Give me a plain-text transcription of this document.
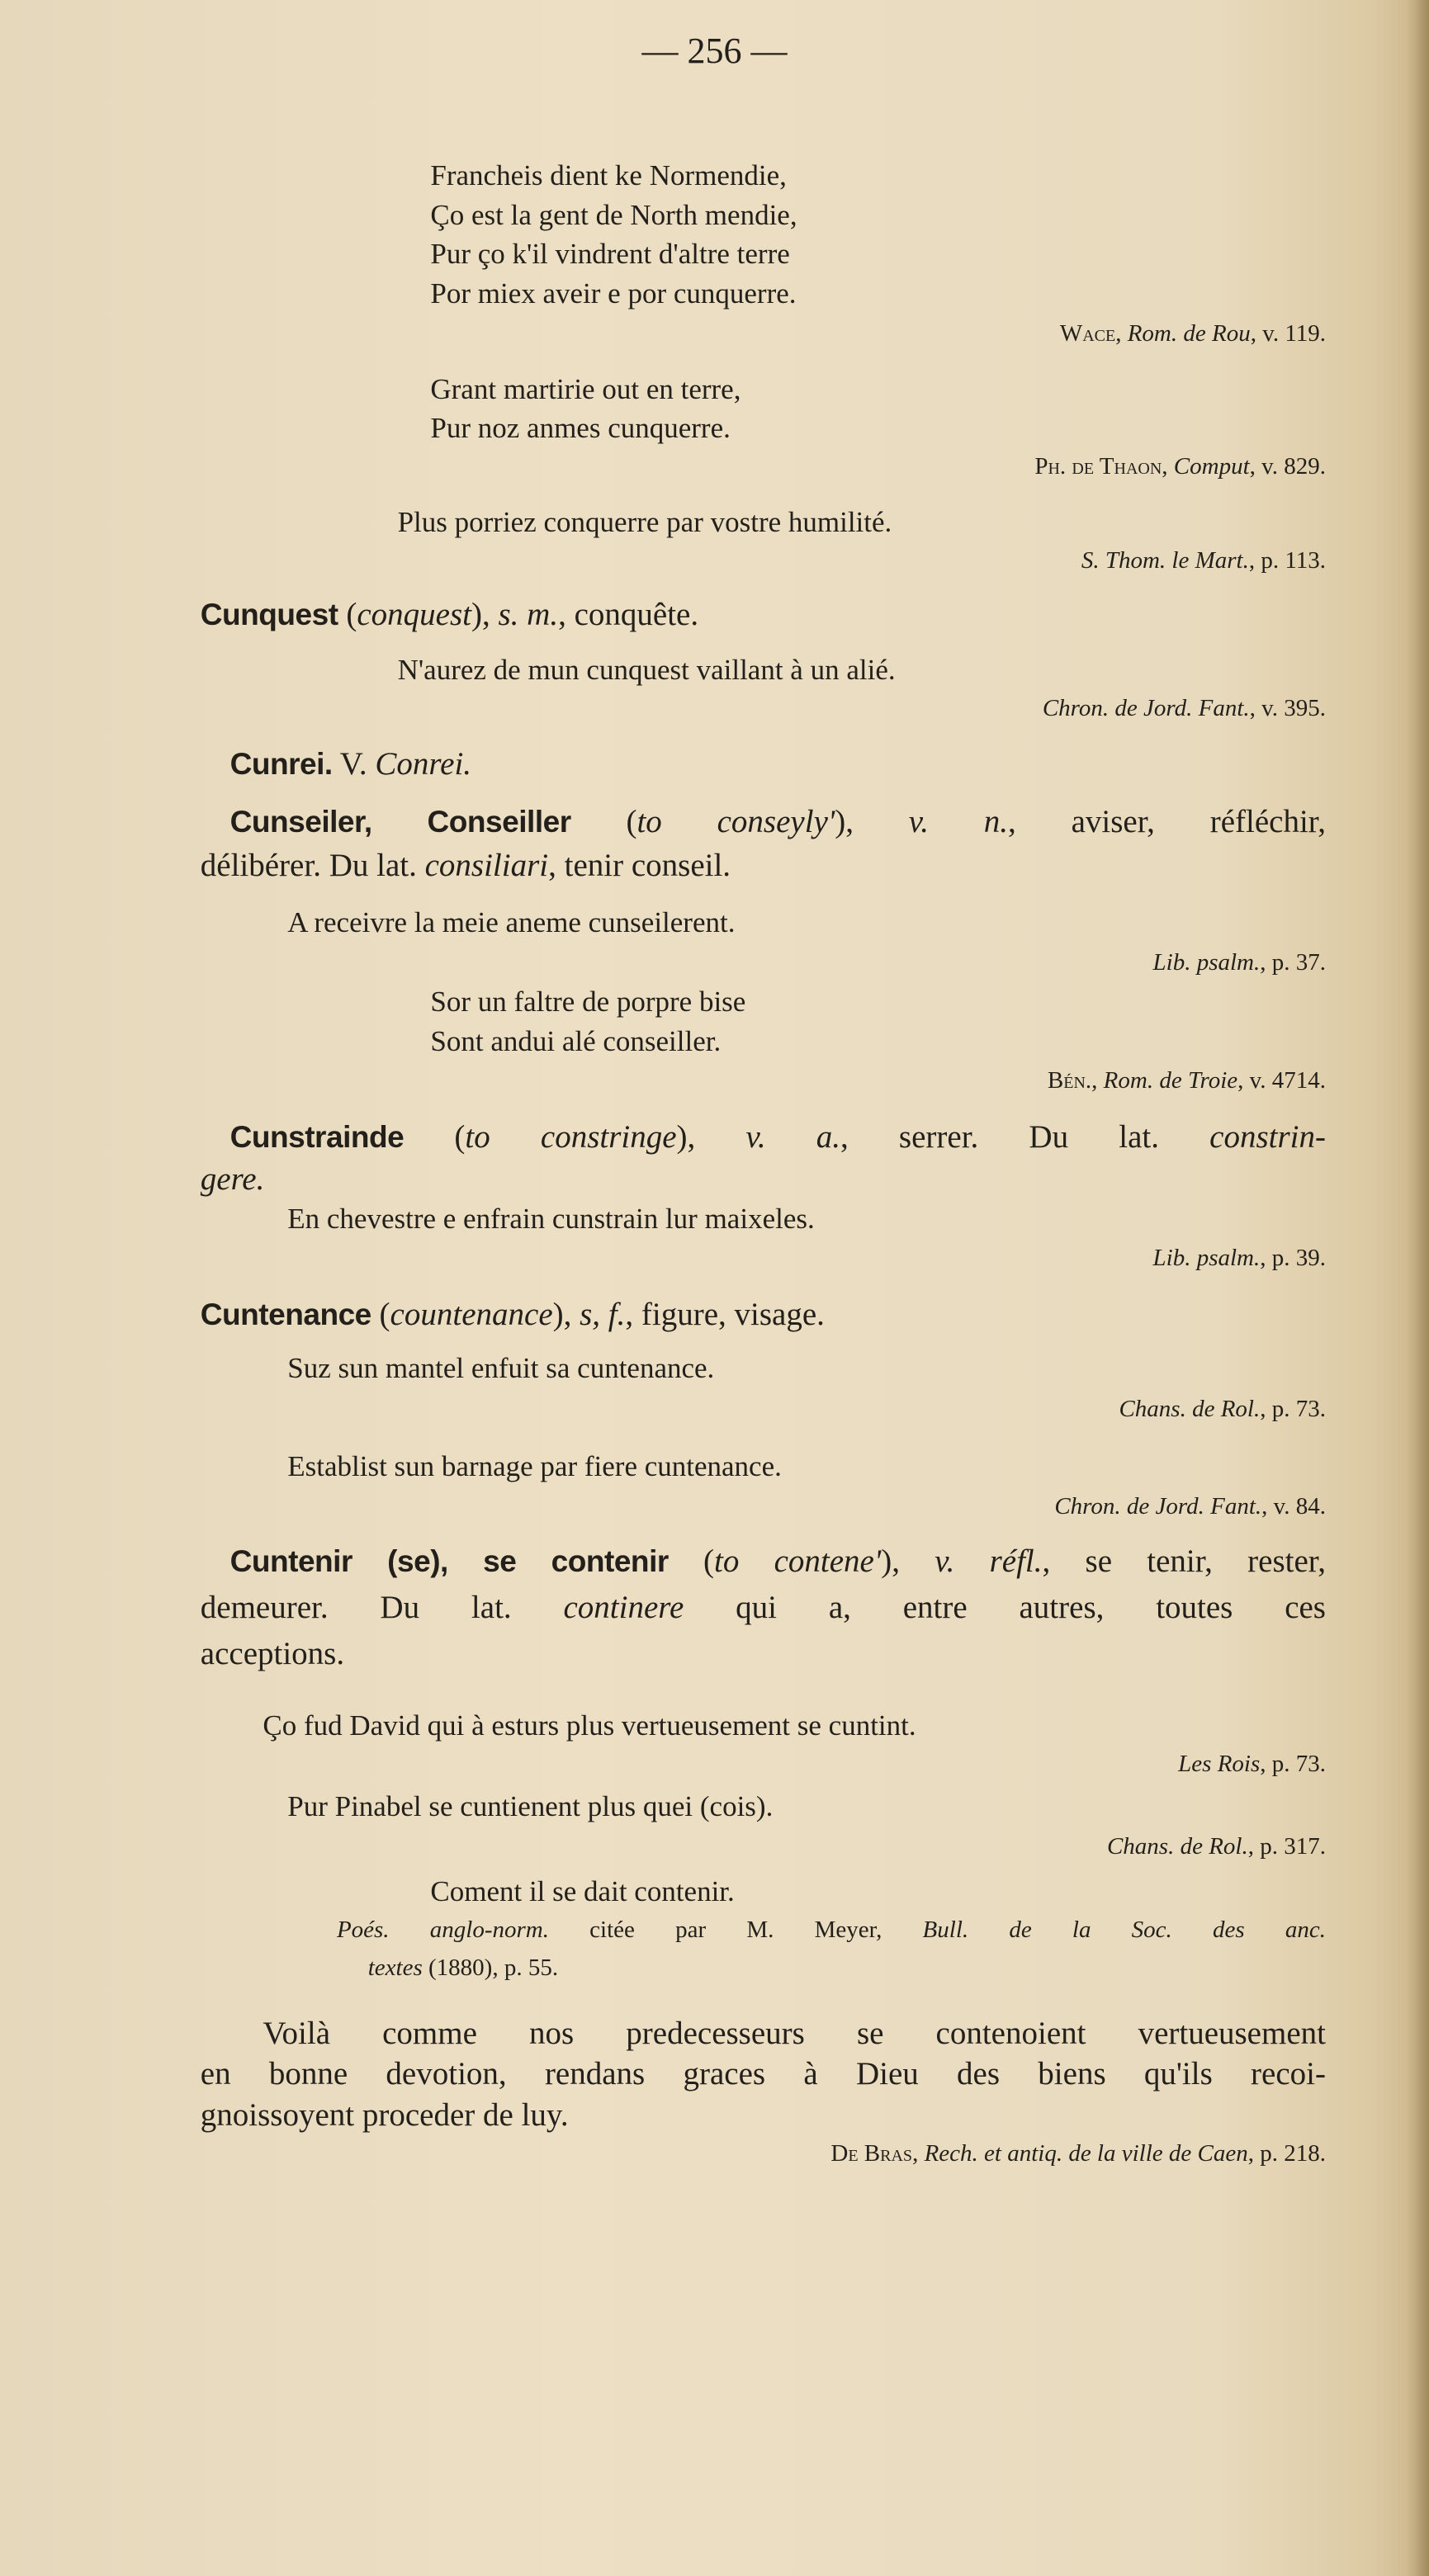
— 256 —
Francheis dient ke Normendie,
Ço est la gent de North mendie,
Pur ço k'il vindrent d'altre terre
Por miex aveir e por cunquerre.
Wace, Rom. de Rou, v. 119.
Grant martirie out en terre,
Pur noz anmes cunquerre.
Ph. de Thaon, Comput, v. 829.
Plus porriez conquerre par vostre humilité.
S. Thom. le Mart., p. 113.
Cunquest (conquest), s. m., conquête.
N'aurez de mun cunquest vaillant à un alié.
Chron. de Jord. Fant., v. 395.
Cunrei. V. Conrei.
Cunseiler, Conseiller (to conseyly'), v. n., aviser, réfléchir,
délibérer. Du lat. consiliari, tenir conseil.
A receivre la meie aneme cunseilerent.
Lib. psalm., p. 37.
Sor un faltre de porpre bise
Sont andui alé conseiller.
Bén., Rom. de Troie, v. 4714.
Cunstrainde (to constringe), v. a., serrer. Du lat. constrin-
gere.
En chevestre e enfrain cunstrain lur maixeles.
Lib. psalm., p. 39.
Cuntenance (countenance), s, f., figure, visage.
Suz sun mantel enfuit sa cuntenance.
Chans. de Rol., p. 73.
Establist sun barnage par fiere cuntenance.
Chron. de Jord. Fant., v. 84.
Cuntenir (se), se contenir (to contene'), v. réfl., se tenir, rester,
demeurer. Du lat. continere qui a, entre autres, toutes ces
acceptions.
Ço fud David qui à esturs plus vertueusement se cuntint.
Les Rois, p. 73.
Pur Pinabel se cuntienent plus quei (cois).
Chans. de Rol., p. 317.
Coment il se dait contenir.
Poés. anglo-norm. citée par M. Meyer, Bull. de la Soc. des anc.
textes (1880), p. 55.
Voilà comme nos predecesseurs se contenoient vertueusement
en bonne devotion, rendans graces à Dieu des biens qu'ils recoi-
gnoissoyent proceder de luy.
De Bras, Rech. et antiq. de la ville de Caen, p. 218.
